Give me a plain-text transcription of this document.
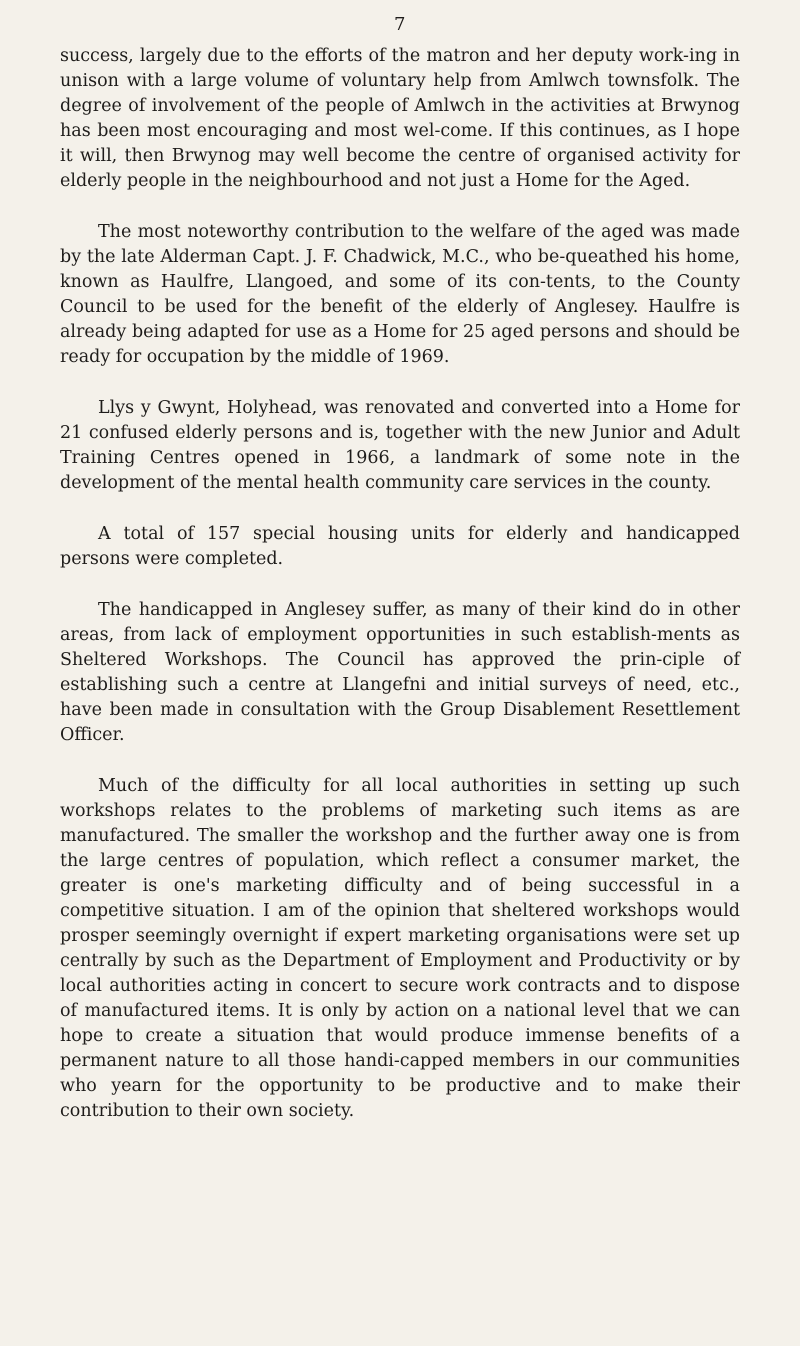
7

success, largely due to the efforts of the matron and her deputy work-ing in unison with a large volume of voluntary help from Amlwch townsfolk. The degree of involvement of the people of Amlwch in the activities at Brwynog has been most encouraging and most wel-come. If this continues, as I hope it will, then Brwynog may well become the centre of organised activity for elderly people in the neighbourhood and not just a Home for the Aged.

The most noteworthy contribution to the welfare of the aged was made by the late Alderman Capt. J. F. Chadwick, M.C., who be-queathed his home, known as Haulfre, Llangoed, and some of its con-tents, to the County Council to be used for the benefit of the elderly of Anglesey. Haulfre is already being adapted for use as a Home for 25 aged persons and should be ready for occupation by the middle of 1969.

Llys y Gwynt, Holyhead, was renovated and converted into a Home for 21 confused elderly persons and is, together with the new Junior and Adult Training Centres opened in 1966, a landmark of some note in the development of the mental health community care services in the county.

A total of 157 special housing units for elderly and handicapped persons were completed.

The handicapped in Anglesey suffer, as many of their kind do in other areas, from lack of employment opportunities in such establish-ments as Sheltered Workshops. The Council has approved the prin-ciple of establishing such a centre at Llangefni and initial surveys of need, etc., have been made in consultation with the Group Disablement Resettlement Officer.

Much of the difficulty for all local authorities in setting up such workshops relates to the problems of marketing such items as are manufactured. The smaller the workshop and the further away one is from the large centres of population, which reflect a consumer market, the greater is one's marketing difficulty and of being successful in a competitive situation. I am of the opinion that sheltered workshops would prosper seemingly overnight if expert marketing organisations were set up centrally by such as the Department of Employment and Productivity or by local authorities acting in concert to secure work contracts and to dispose of manufactured items. It is only by action on a national level that we can hope to create a situation that would produce immense benefits of a permanent nature to all those handi-capped members in our communities who yearn for the opportunity to be productive and to make their contribution to their own society.
